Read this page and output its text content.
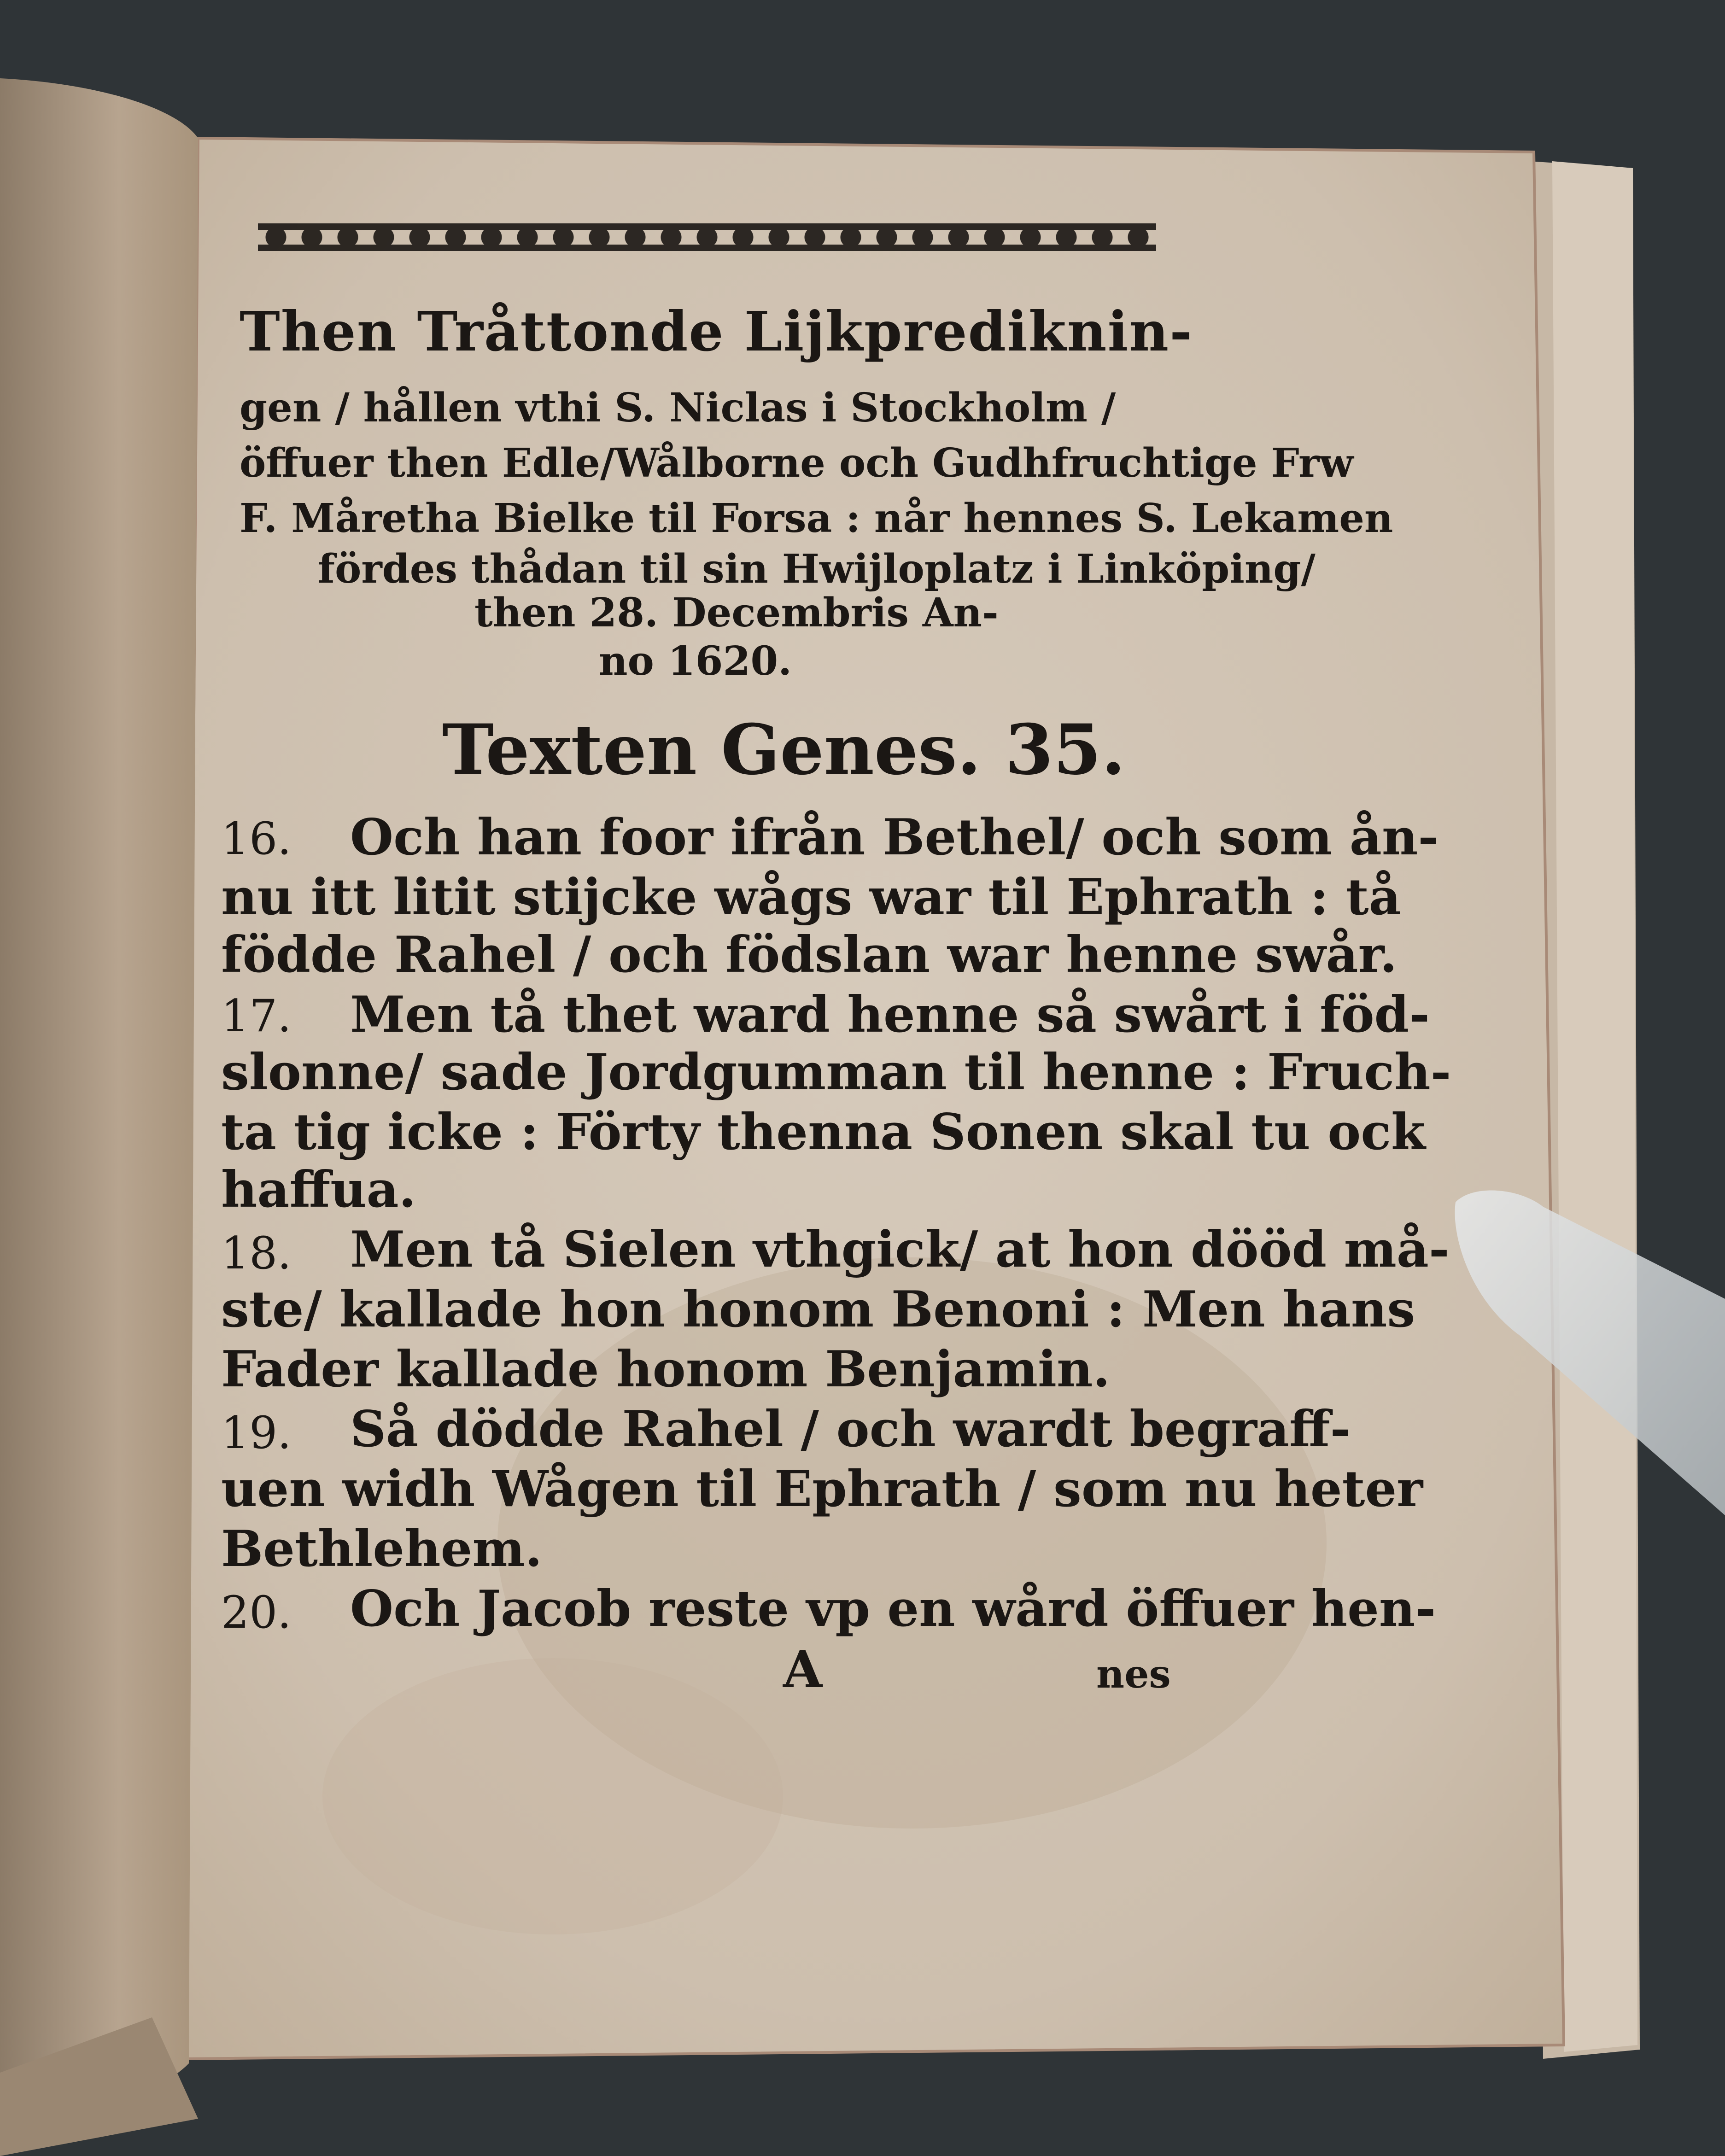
Then Tråttonde Lijkprediknin-
gen / hållen vthi S. Niclas i Stockholm /
öffuer then Edle/Wålborne och Gudhfruchtige Frw
F. Måretha Bielke til Forsa : når hennes S. Lekamen
fördes thådan til sin Hwijloplatz i Linköping/
then 28. Decembris An-
no 1620.
Texten Genes. 35.
16. Och han foor ifrån Bethel/ och som ån-
nu itt litit stijcke wågs war til Ephrath : tå
födde Rahel / och födslan war henne swår.
17. Men tå thet ward henne så swårt i föd-
slonne/ sade Jordgumman til henne : Fruch-
ta tig icke : Förty thenna Sonen skal tu ock
haffua.
18. Men tå Sielen vthgick/ at hon dööd må-
ste/ kallade hon honom Benoni : Men hans
Fader kallade honom Benjamin.
19. Så dödde Rahel / och wardt begraff-
uen widh Wågen til Ephrath / som nu heter
Bethlehem.
20. Och Jacob reste vp en wård öffuer hen-
A	nes
